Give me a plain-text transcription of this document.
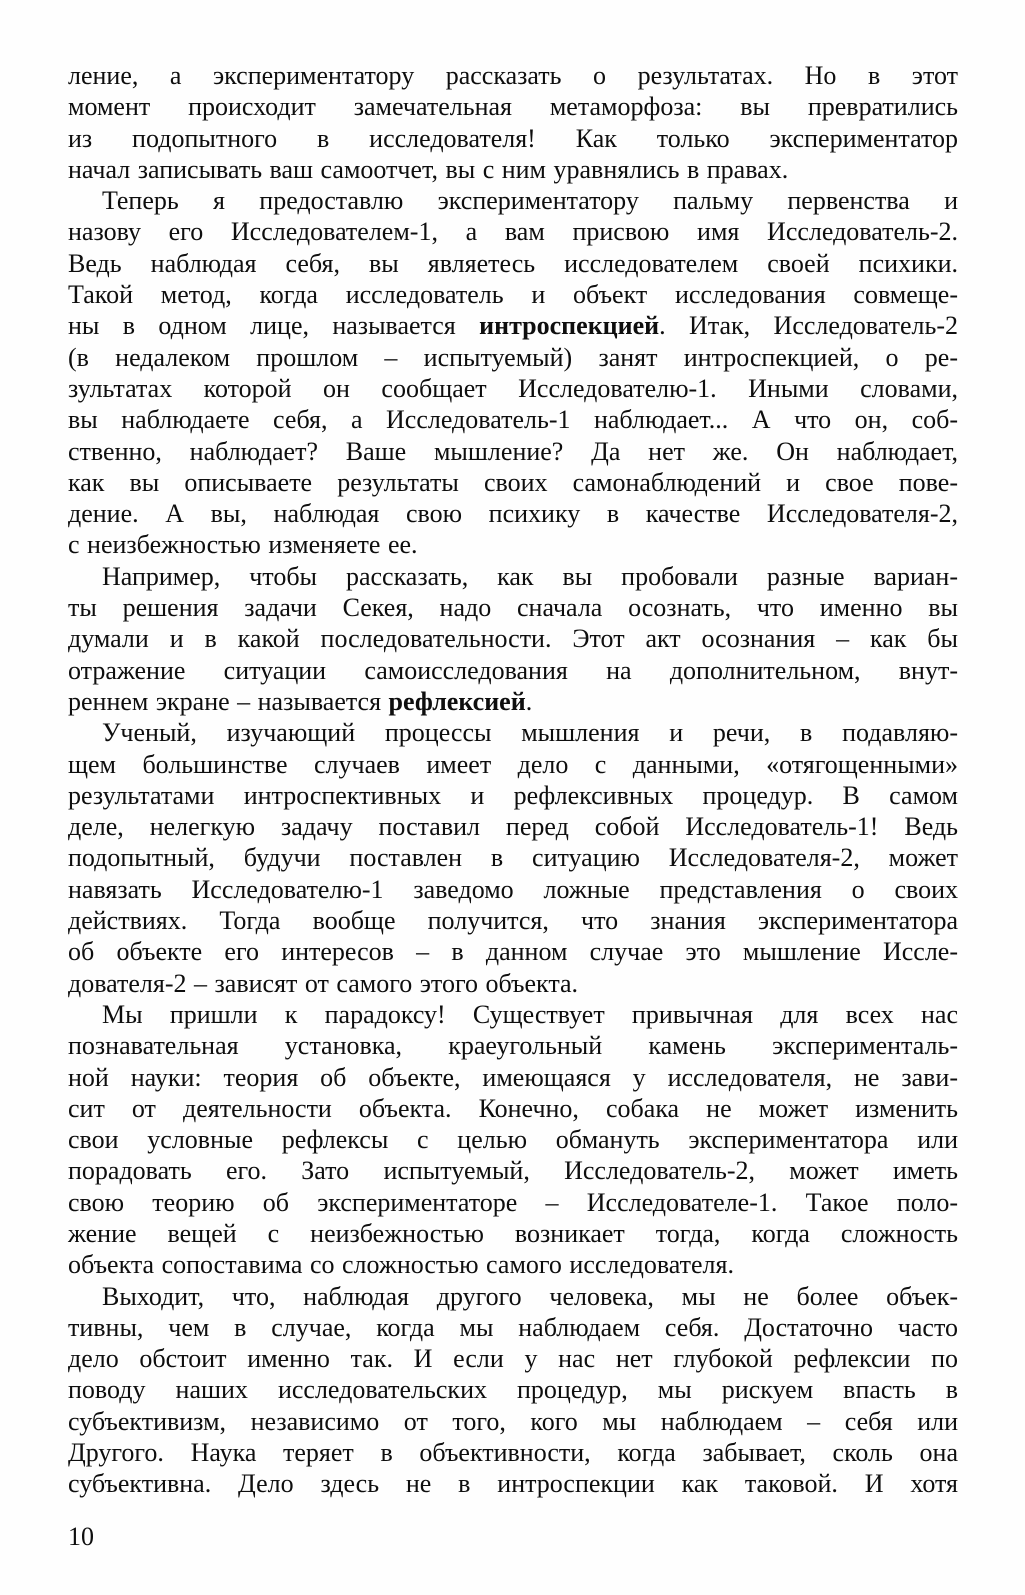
ление, а экспериментатору рассказать о результатах. Но в этот
момент происходит замечательная метаморфоза: вы превратились
из подопытного в исследователя! Как только экспериментатор
начал записывать ваш самоотчет, вы с ним уравнялись в правах.
Теперь я предоставлю экспериментатору пальму первенства и
назову его Исследователем-1, а вам присвою имя Исследователь-2.
Ведь наблюдая себя, вы являетесь исследователем своей психики.
Такой метод, когда исследователь и объект исследования совмеще-
ны в одном лице, называется интроспекцией. Итак, Исследователь-2
(в недалеком прошлом – испытуемый) занят интроспекцией, о ре-
зультатах которой он сообщает Исследователю-1. Иными словами,
вы наблюдаете себя, а Исследователь-1 наблюдает... А что он, соб-
ственно, наблюдает? Ваше мышление? Да нет же. Он наблюдает,
как вы описываете результаты своих самонаблюдений и свое пове-
дение. А вы, наблюдая свою психику в качестве Исследователя-2,
с неизбежностью изменяете ее.
Например, чтобы рассказать, как вы пробовали разные вариан-
ты решения задачи Секея, надо сначала осознать, что именно вы
думали и в какой последовательности. Этот акт осознания – как бы
отражение ситуации самоисследования на дополнительном, внут-
реннем экране – называется рефлексией.
Ученый, изучающий процессы мышления и речи, в подавляю-
щем большинстве случаев имеет дело с данными, «отягощенными»
результатами интроспективных и рефлексивных процедур. В самом
деле, нелегкую задачу поставил перед собой Исследователь-1! Ведь
подопытный, будучи поставлен в ситуацию Исследователя-2, может
навязать Исследователю-1 заведомо ложные представления о своих
действиях. Тогда вообще получится, что знания экспериментатора
об объекте его интересов – в данном случае это мышление Иссле-
дователя-2 – зависят от самого этого объекта.
Мы пришли к парадоксу! Существует привычная для всех нас
познавательная установка, краеугольный камень эксперименталь-
ной науки: теория об объекте, имеющаяся у исследователя, не зави-
сит от деятельности объекта. Конечно, собака не может изменить
свои условные рефлексы с целью обмануть экспериментатора или
порадовать его. Зато испытуемый, Исследователь-2, может иметь
свою теорию об экспериментаторе – Исследователе-1. Такое поло-
жение вещей с неизбежностью возникает тогда, когда сложность
объекта сопоставима со сложностью самого исследователя.
Выходит, что, наблюдая другого человека, мы не более объек-
тивны, чем в случае, когда мы наблюдаем себя. Достаточно часто
дело обстоит именно так. И если у нас нет глубокой рефлексии по
поводу наших исследовательских процедур, мы рискуем впасть в
субъективизм, независимо от того, кого мы наблюдаем – себя или
Другого. Наука теряет в объективности, когда забывает, сколь она
субъективна. Дело здесь не в интроспекции как таковой. И хотя
10
